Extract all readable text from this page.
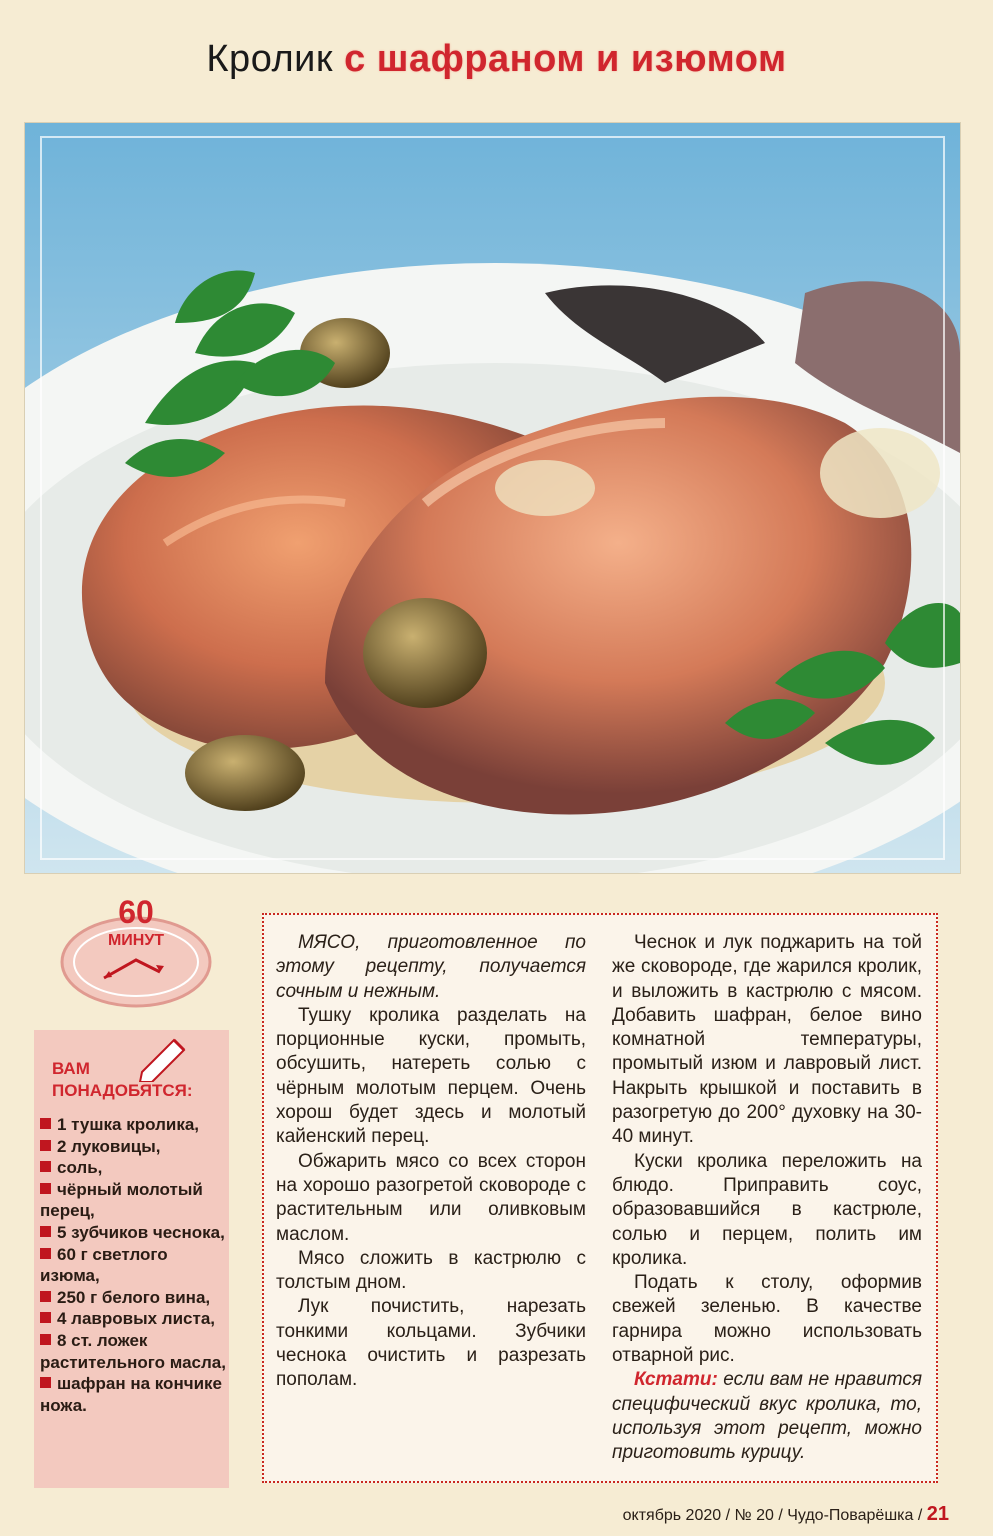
Кролик с шафраном и изюмом
60
МИНУТ
ВАМ
ПОНАДОБЯТСЯ:
1 тушка кролика,
2 луковицы,
соль,
чёрный молотый перец,
5 зубчиков чеснока,
60 г светлого изюма,
250 г белого вина,
4 лавровых листа,
8 ст. ложек растительного масла,
шафран на кончике ножа.

МЯСО, приготовленное по этому рецепту, получается сочным и нежным.

Тушку кролика разделать на порционные куски, промыть, обсушить, натереть солью с чёрным молотым перцем. Очень хорош будет здесь и молотый кайенский перец.

Обжарить мясо со всех сторон на хорошо разогретой сковороде с растительным или оливковым маслом.

Мясо сложить в кастрюлю с толстым дном.

Лук почистить, нарезать тонкими кольцами. Зубчики чеснока очистить и разрезать пополам.

Чеснок и лук поджарить на той же сковороде, где жарился кролик, и выложить в кастрюлю с мясом. Добавить шафран, белое вино комнатной температуры, промытый изюм и лавровый лист. Накрыть крышкой и поставить в разогретую до 200° духовку на 30-40 минут.

Куски кролика переложить на блюдо. Приправить соус, образовавшийся в кастрюле, солью и перцем, полить им кролика.

Подать к столу, оформив свежей зеленью. В качестве гарнира можно использовать отварной рис.

Кстати: если вам не нравится специфический вкус кролика, то, используя этот рецепт, можно приготовить курицу.

октябрь 2020 / № 20 / Чудо-Поварёшка / 21
